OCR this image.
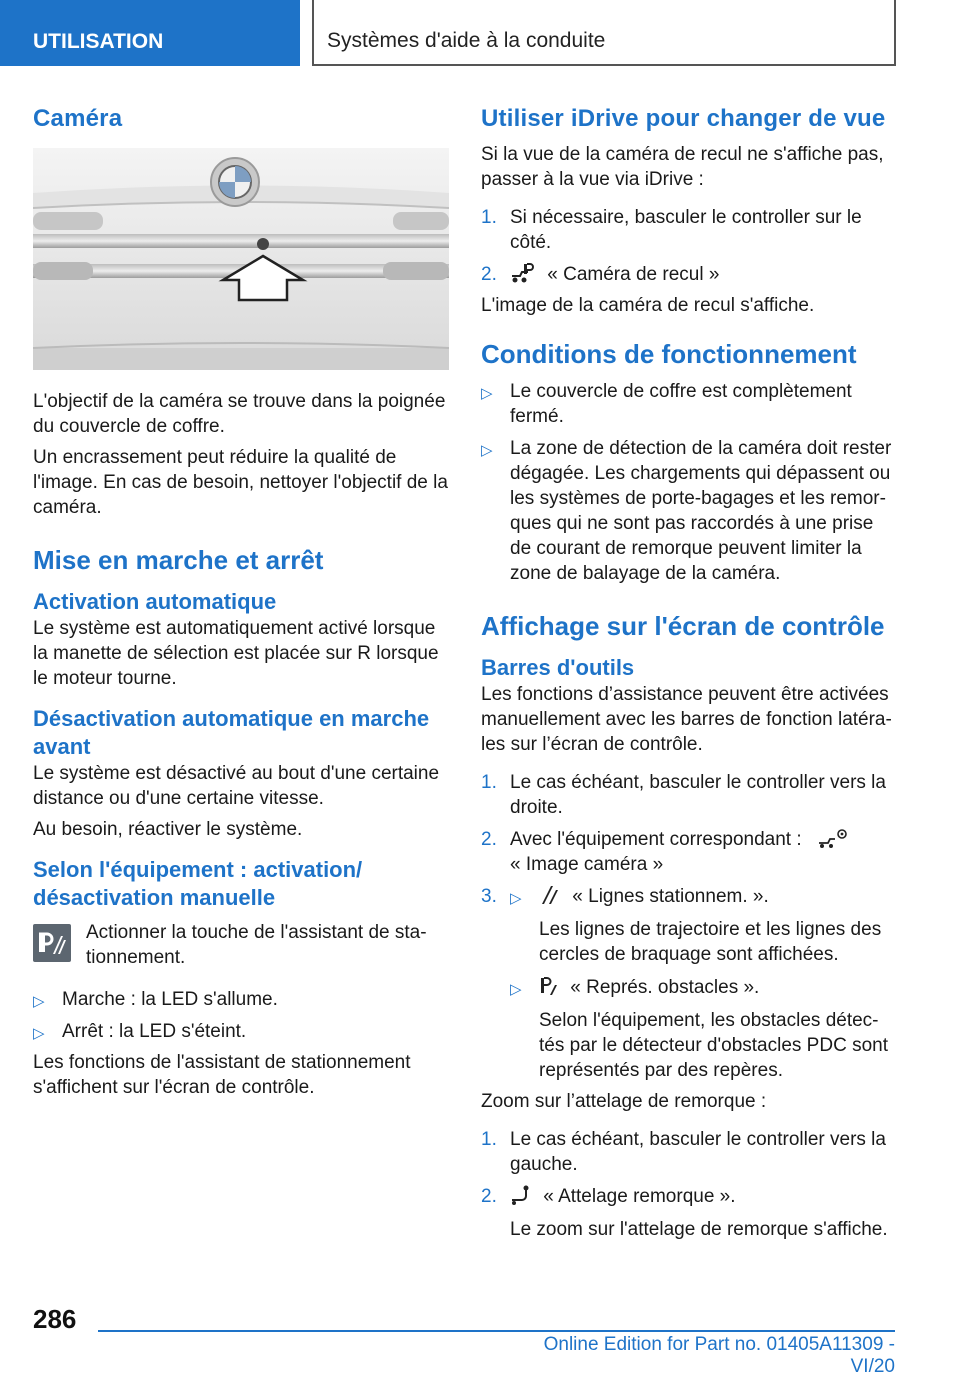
UTILISATION	Systèmes d'aide à la conduite
Caméra

L'objectif de la caméra se trouve dans la poignée du couvercle de coffre.

Un encrassement peut réduire la qualité de l'image. En cas de besoin, nettoyer l'objectif de la caméra.

Mise en marche et arrêt
Activation automatique

Le système est automatiquement activé lorsque la manette de sélection est placée sur R lorsque le moteur tourne.

Désactivation automatique en marche avant

Le système est désactivé au bout d'une certaine distance ou d'une certaine vitesse.

Au besoin, réactiver le système.

Selon l'équipement : activation/ désactivation manuelle

Actionner la touche de l'assistant de sta-tionnement.

▷ Marche : la LED s'allume.
▷ Arrêt : la LED s'éteint.

Les fonctions de l'assistant de stationnement s'affichent sur l'écran de contrôle.

Utiliser iDrive pour changer de vue

Si la vue de la caméra de recul ne s'affiche pas, passer à la vue via iDrive :

1. Si nécessaire, basculer le controller sur le côté.
2.	« Caméra de recul »

L'image de la caméra de recul s'affiche.

Conditions de fonctionnement
▷ Le couvercle de coffre est complètement fermé.
▷ La zone de détection de la caméra doit rester dégagée. Les chargements qui dépassent ou les systèmes de porte-bagages et les remor-ques qui ne sont pas raccordés à une prise de courant de remorque peuvent limiter la zone de balayage de la caméra.
Affichage sur l'écran de contrôle
Barres d'outils

Les fonctions d’assistance peuvent être activées manuellement avec les barres de fonction latéra-les sur l’écran de contrôle.

1. Le cas échéant, basculer le controller vers la droite.
2. Avec l'équipement correspondant :
« Image caméra »
3. ▷	« Lignes stationnem. ».

Les lignes de trajectoire et les lignes des cercles de braquage sont affichées.

▷	« Représ. obstacles ».

Selon l'équipement, les obstacles détec-tés par le détecteur d'obstacles PDC sont représentés par des repères.

Zoom sur l’attelage de remorque :

1. Le cas échéant, basculer le controller vers la gauche.
2. « Attelage remorque ».

Le zoom sur l'attelage de remorque s'affiche.

286
Online Edition for Part no. 01405A11309 - VI/20
